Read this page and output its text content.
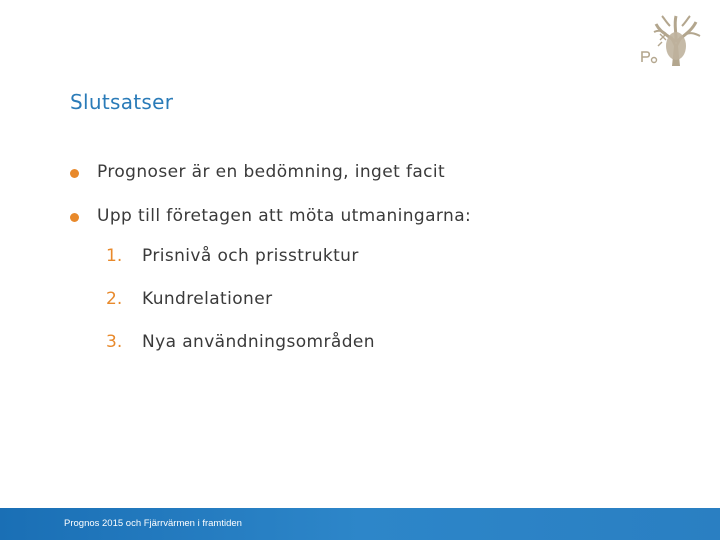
Slutsatser
Prognoser är en bedömning, inget facit
Upp till företagen att möta utmaningarna:
1. Prisnivå och prisstruktur
2. Kundrelationer
3. Nya användningsområden
Prognos 2015 och Fjärrvärmen i framtiden
